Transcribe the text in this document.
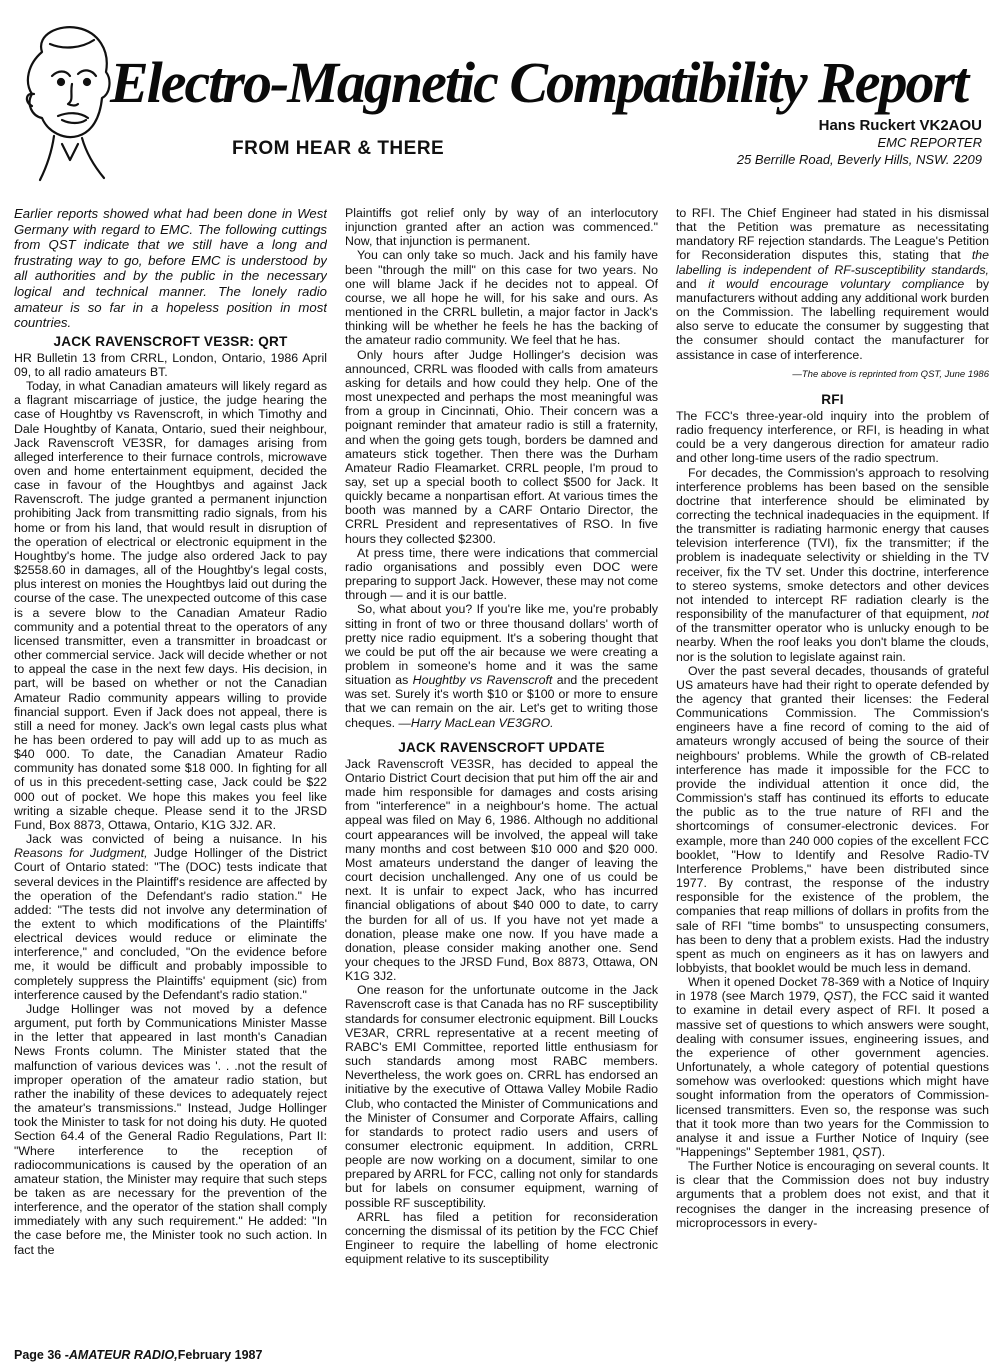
Electro-Magnetic Compatibility Report
FROM HEAR & THERE
Hans Ruckert VK2AOU
EMC REPORTER
25 Berrille Road, Beverly Hills, NSW. 2209

Earlier reports showed what had been done in West Germany with regard to EMC. The following cuttings from QST indicate that we still have a long and frustrating way to go, before EMC is understood by all authorities and by the public in the necessary logical and technical manner. The lonely radio amateur is so far in a hopeless position in most countries.

JACK RAVENSCROFT VE3SR: QRT

HR Bulletin 13 from CRRL, London, Ontario, 1986 April 09, to all radio amateurs BT.

Today, in what Canadian amateurs will likely regard as a flagrant miscarriage of justice, the judge hearing the case of Houghtby vs Ravenscroft, in which Timothy and Dale Houghtby of Kanata, Ontario, sued their neighbour, Jack Ravenscroft VE3SR, for damages arising from alleged interference to their furnace controls, microwave oven and home entertainment equipment, decided the case in favour of the Houghtbys and against Jack Ravenscroft. The judge granted a permanent injunction prohibiting Jack from transmitting radio signals, from his home or from his land, that would result in disruption of the operation of electrical or electronic equipment in the Houghtby's home. The judge also ordered Jack to pay $2558.60 in damages, all of the Houghtby's legal costs, plus interest on monies the Houghtbys laid out during the course of the case. The unexpected outcome of this case is a severe blow to the Canadian Amateur Radio community and a potential threat to the operators of any licensed transmitter, even a transmitter in broadcast or other commercial service. Jack will decide whether or not to appeal the case in the next few days. His decision, in part, will be based on whether or not the Canadian Amateur Radio community appears willing to provide financial support. Even if Jack does not appeal, there is still a need for money. Jack's own legal casts plus what he has been ordered to pay will add up to as much as $40 000. To date, the Canadian Amateur Radio community has donated some $18 000. In fighting for all of us in this precedent-setting case, Jack could be $22 000 out of pocket. We hope this makes you feel like writing a sizable cheque. Please send it to the JRSD Fund, Box 8873, Ottawa, Ontario, K1G 3J2. AR.

Jack was convicted of being a nuisance. In his Reasons for Judgment, Judge Hollinger of the District Court of Ontario stated: "The (DOC) tests indicate that several devices in the Plaintiff's residence are affected by the operation of the Defendant's radio station." He added: "The tests did not involve any determination of the extent to which modifications of the Plaintiffs' electrical devices would reduce or eliminate the interference," and concluded, "On the evidence before me, it would be difficult and probably impossible to completely suppress the Plaintiffs' equipment (sic) from interference caused by the Defendant's radio station."

Judge Hollinger was not moved by a defence argument, put forth by Communications Minister Masse in the letter that appeared in last month's Canadian News Fronts column. The Minister stated that the malfunction of various devices was '. . .not the result of improper operation of the amateur radio station, but rather the inability of these devices to adequately reject the amateur's transmissions." Instead, Judge Hollinger took the Minister to task for not doing his duty. He quoted Section 64.4 of the General Radio Regulations, Part II: "Where interference to the reception of radiocommunications is caused by the operation of an amateur station, the Minister may require that such steps be taken as are necessary for the prevention of the interference, and the operator of the station shall comply immediately with any such requirement." He added: "In the case before me, the Minister took no such action. In fact the

Plaintiffs got relief only by way of an interlocutory injunction granted after an action was commenced." Now, that injunction is permanent.

You can only take so much. Jack and his family have been "through the mill" on this case for two years. No one will blame Jack if he decides not to appeal. Of course, we all hope he will, for his sake and ours. As mentioned in the CRRL bulletin, a major factor in Jack's thinking will be whether he feels he has the backing of the amateur radio community. We feel that he has.

Only hours after Judge Hollinger's decision was announced, CRRL was flooded with calls from amateurs asking for details and how could they help. One of the most unexpected and perhaps the most meaningful was from a group in Cincinnati, Ohio. Their concern was a poignant reminder that amateur radio is still a fraternity, and when the going gets tough, borders be damned and amateurs stick together. Then there was the Durham Amateur Radio Fleamarket. CRRL people, I'm proud to say, set up a special booth to collect $500 for Jack. It quickly became a nonpartisan effort. At various times the booth was manned by a CARF Ontario Director, the CRRL President and representatives of RSO. In five hours they collected $2300.

At press time, there were indications that commercial radio organisations and possibly even DOC were preparing to support Jack. However, these may not come through — and it is our battle.

So, what about you? If you're like me, you're probably sitting in front of two or three thousand dollars' worth of pretty nice radio equipment. It's a sobering thought that we could be put off the air because we were creating a problem in someone's home and it was the same situation as Houghtby vs Ravenscroft and the precedent was set. Surely it's worth $10 or $100 or more to ensure that we can remain on the air. Let's get to writing those cheques. —Harry MacLean VE3GRO.

JACK RAVENSCROFT UPDATE

Jack Ravenscroft VE3SR, has decided to appeal the Ontario District Court decision that put him off the air and made him responsible for damages and costs arising from "interference" in a neighbour's home. The actual appeal was filed on May 6, 1986. Although no additional court appearances will be involved, the appeal will take many months and cost between $10 000 and $20 000. Most amateurs understand the danger of leaving the court decision unchallenged. Any one of us could be next. It is unfair to expect Jack, who has incurred financial obligations of about $40 000 to date, to carry the burden for all of us. If you have not yet made a donation, please make one now. If you have made a donation, please consider making another one. Send your cheques to the JRSD Fund, Box 8873, Ottawa, ON K1G 3J2.

One reason for the unfortunate outcome in the Jack Ravenscroft case is that Canada has no RF susceptibility standards for consumer electronic equipment. Bill Loucks VE3AR, CRRL representative at a recent meeting of RABC's EMI Committee, reported little enthusiasm for such standards among most RABC members. Nevertheless, the work goes on. CRRL has endorsed an initiative by the executive of Ottawa Valley Mobile Radio Club, who contacted the Minister of Communications and the Minister of Consumer and Corporate Affairs, calling for standards to protect radio users and users of consumer electronic equipment. In addition, CRRL people are now working on a document, similar to one prepared by ARRL for FCC, calling not only for standards but for labels on consumer equipment, warning of possible RF susceptibility.

ARRL has filed a petition for reconsideration concerning the dismissal of its petition by the FCC Chief Engineer to require the labelling of home electronic equipment relative to its susceptibility

to RFI. The Chief Engineer had stated in his dismissal that the Petition was premature as necessitating mandatory RF rejection standards. The League's Petition for Reconsideration disputes this, stating that the labelling is independent of RF-susceptibility standards, and it would encourage voluntary compliance by manufacturers without adding any additional work burden on the Commission. The labelling requirement would also serve to educate the consumer by suggesting that the consumer should contact the manufacturer for assistance in case of interference.

—The above is reprinted from QST, June 1986

RFI

The FCC's three-year-old inquiry into the problem of radio frequency interference, or RFI, is heading in what could be a very dangerous direction for amateur radio and other long-time users of the radio spectrum.

For decades, the Commission's approach to resolving interference problems has been based on the sensible doctrine that interference should be eliminated by correcting the technical inadequacies in the equipment. If the transmitter is radiating harmonic energy that causes television interference (TVI), fix the transmitter; if the problem is inadequate selectivity or shielding in the TV receiver, fix the TV set. Under this doctrine, interference to stereo systems, smoke detectors and other devices not intended to intercept RF radiation clearly is the responsibility of the manufacturer of that equipment, not of the transmitter operator who is unlucky enough to be nearby. When the roof leaks you don't blame the clouds, nor is the solution to legislate against rain.

Over the past several decades, thousands of grateful US amateurs have had their right to operate defended by the agency that granted their licenses: the Federal Communications Commission. The Commission's engineers have a fine record of coming to the aid of amateurs wrongly accused of being the source of their neighbours' problems. While the growth of CB-related interference has made it impossible for the FCC to provide the individual attention it once did, the Commission's staff has continued its efforts to educate the public as to the true nature of RFI and the shortcomings of consumer-electronic devices. For example, more than 240 000 copies of the excellent FCC booklet, "How to Identify and Resolve Radio-TV Interference Problems," have been distributed since 1977. By contrast, the response of the industry responsible for the existence of the problem, the companies that reap millions of dollars in profits from the sale of RFI "time bombs" to unsuspecting consumers, has been to deny that a problem exists. Had the industry spent as much on engineers as it has on lawyers and lobbyists, that booklet would be much less in demand.

When it opened Docket 78-369 with a Notice of Inquiry in 1978 (see March 1979, QST), the FCC said it wanted to examine in detail every aspect of RFI. It posed a massive set of questions to which answers were sought, dealing with consumer issues, engineering issues, and the experience of other government agencies. Unfortunately, a whole category of potential questions somehow was overlooked: questions which might have sought information from the operators of Commission-licensed transmitters. Even so, the response was such that it took more than two years for the Commission to analyse it and issue a Further Notice of Inquiry (see "Happenings" September 1981, QST).

The Further Notice is encouraging on several counts. It is clear that the Commission does not buy industry arguments that a problem does not exist, and that it recognises the danger in the increasing presence of microprocessors in every-

Page 36 -AMATEUR RADIO,February 1987
